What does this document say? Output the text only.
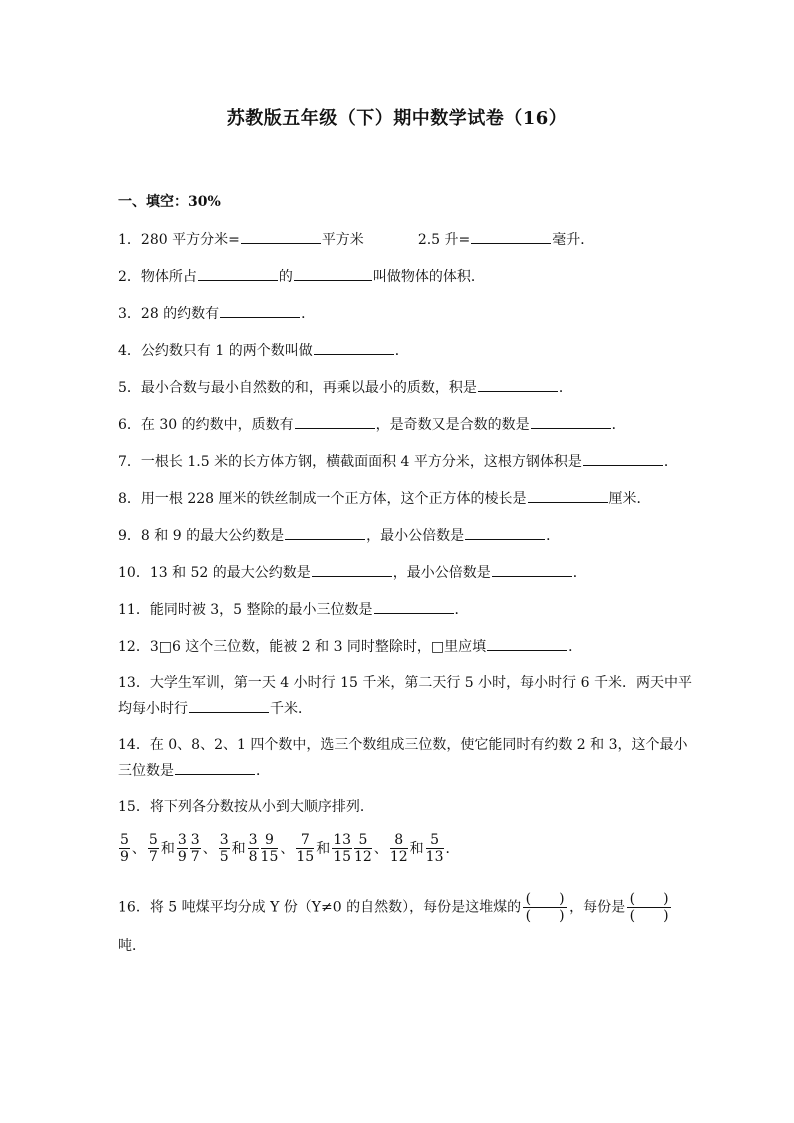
苏教版五年级（下）期中数学试卷（16）
一、填空：30%
1．280 平方分米=	平方米	2.5 升=	毫升．
2．物体所占	的	叫做物体的体积．
3．28 的约数有	．
4．公约数只有 1 的两个数叫做	．
5．最小合数与最小自然数的和，再乘以最小的质数，积是	．
6．在 30 的约数中，质数有	，是奇数又是合数的数是	．
7．一根长 1.5 米的长方体方钢，横截面面积 4 平方分米，这根方钢体积是	．
8．用一根 228 厘米的铁丝制成一个正方体，这个正方体的棱长是	厘米．
9．8 和 9 的最大公约数是	，最小公倍数是	．
10．13 和 52 的最大公约数是	，最小公倍数是	．
11．能同时被 3，5 整除的最小三位数是	．
12．3□6 这个三位数，能被 2 和 3 同时整除时，□里应填	．
13．大学生军训，第一天 4 小时行 15 千米，第二天行 5 小时，每小时行 6 千米．两天中平
均每小时行	千米．
14．在 0、8、2、1 四个数中，选三个数组成三位数，使它能同时有约数 2 和 3，这个最小
三位数是	．
15．将下列各分数按从小到大顺序排列．
$\frac{5}{9}$ 、 $\frac{5}{7}$ 和 $\frac{3}{9} \frac{3}{7}$ 、 $\frac{3}{5}$ 和 $\frac{3}{8} \frac{9}{15}$ 、 $\frac{7}{15}$ 和 $\frac{13}{15} \frac{5}{12}$ 、 $\frac{8}{12}$ 和 $\frac{5}{13}$ ．
16．将 5 吨煤平均分成 Y 份（Y≠0 的自然数），每份是这堆煤的
(　　)
(　　)
，每份是
(　　)
(　　)
吨．
